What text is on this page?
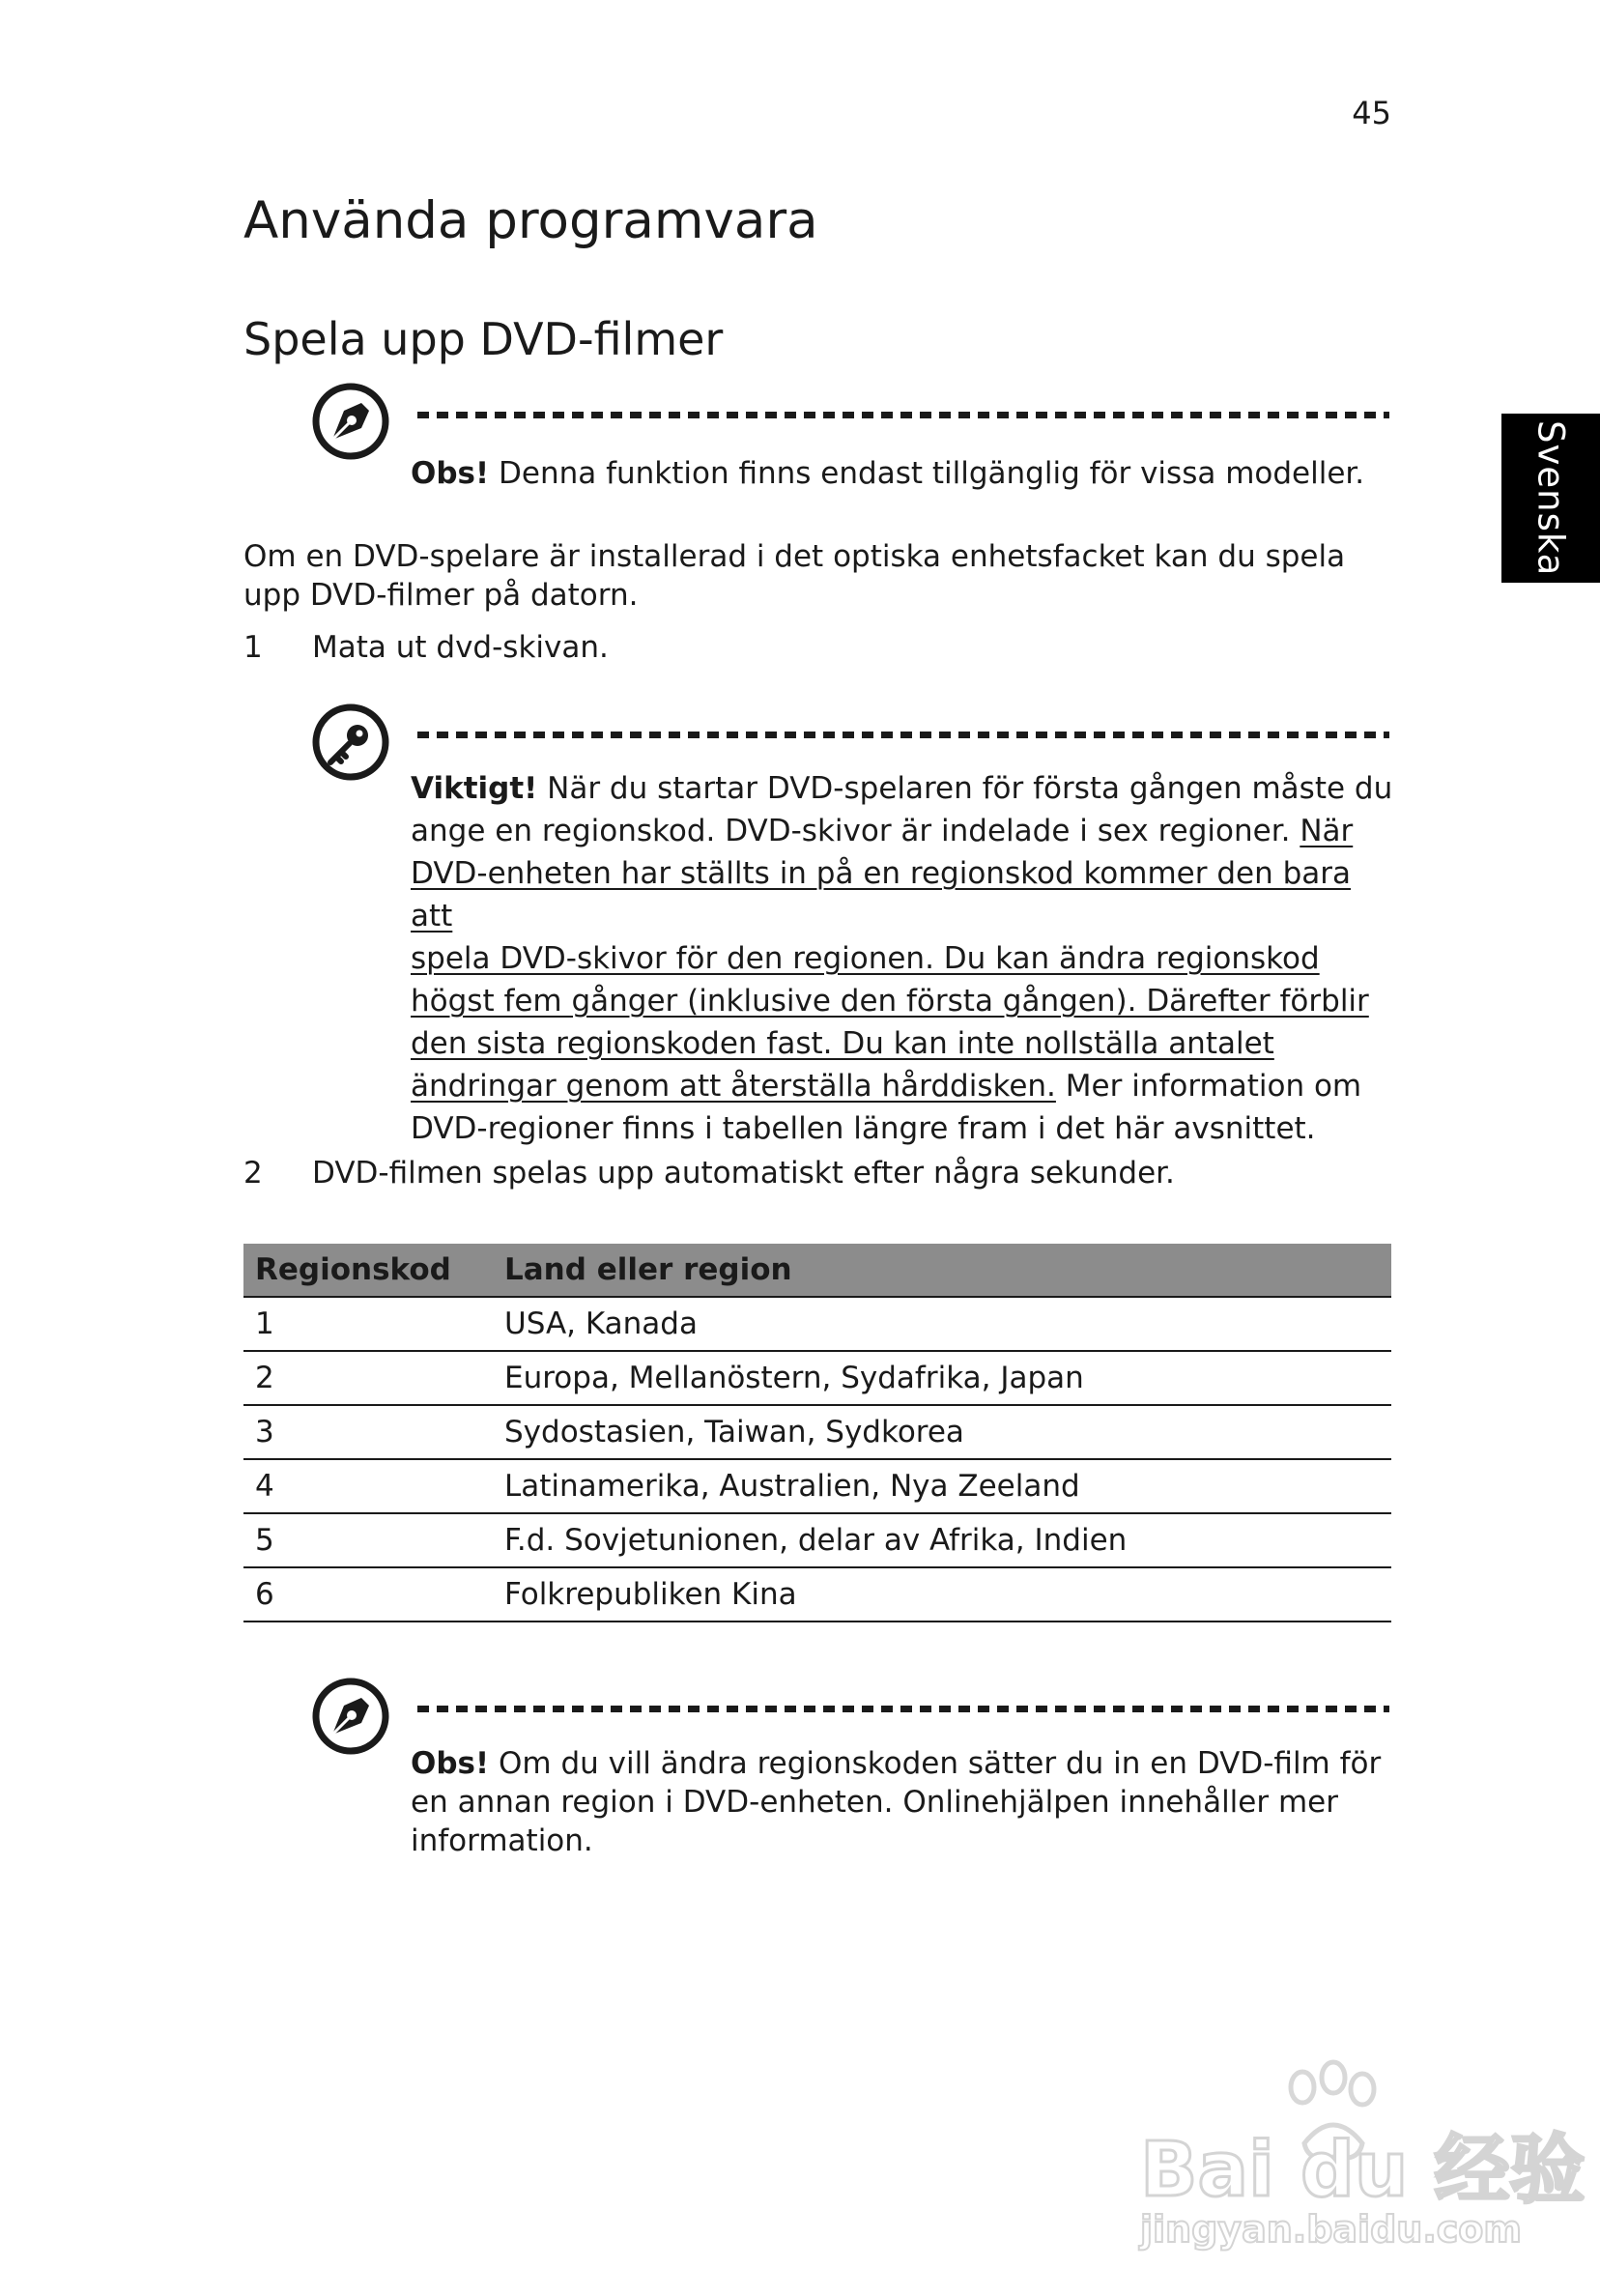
45
Svenska
Använda programvara
Spela upp DVD-filmer

Obs! Denna funktion finns endast tillgänglig för vissa modeller.

Om en DVD-spelare är installerad i det optiska enhetsfacket kan du spela upp DVD-filmer på datorn.

1 Mata ut dvd-skivan.

Viktigt! När du startar DVD-spelaren för första gången måste du ange en regionskod. DVD-skivor är indelade i sex regioner. När
DVD-enheten har ställts in på en regionskod kommer den bara att
spela DVD-skivor för den regionen. Du kan ändra regionskod
högst fem gånger (inklusive den första gången). Därefter förblir
den sista regionskoden fast. Du kan inte nollställa antalet
ändringar genom att återställa hårddisken. Mer information om DVD-regioner finns i tabellen längre fram i det här avsnittet.

2 DVD-filmen spelas upp automatiskt efter några sekunder.
Regionskod	Land eller region
1	USA, Kanada
2	Europa, Mellanöstern, Sydafrika, Japan
3	Sydostasien, Taiwan, Sydkorea
4	Latinamerika, Australien, Nya Zeeland
5	F.d. Sovjetunionen, delar av Afrika, Indien
6	Folkrepubliken Kina

Obs! Om du vill ändra regionskoden sätter du in en DVD-film för en annan region i DVD-enheten. Onlinehjälpen innehåller mer information.

Bai du 经验
jingyan.baidu.com
